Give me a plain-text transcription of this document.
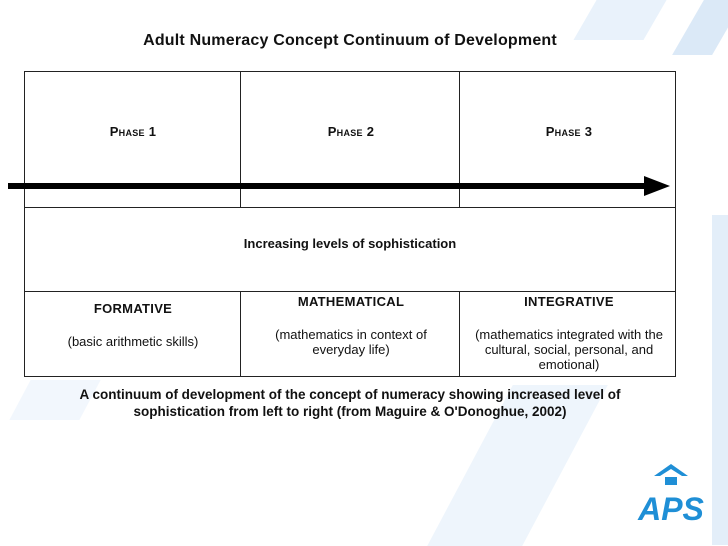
Adult Numeracy Concept Continuum of Development
Phase 1	Phase 2	Phase 3
Increasing levels of sophistication
FORMATIVE
(basic arithmetic skills)
MATHEMATICAL
(mathematics in context of everyday life)
INTEGRATIVE
(mathematics integrated with the cultural, social, personal, and emotional)
A continuum of development of the concept of numeracy showing increased level of sophistication from left to right (from Maguire & O'Donoghue, 2002)
APS
